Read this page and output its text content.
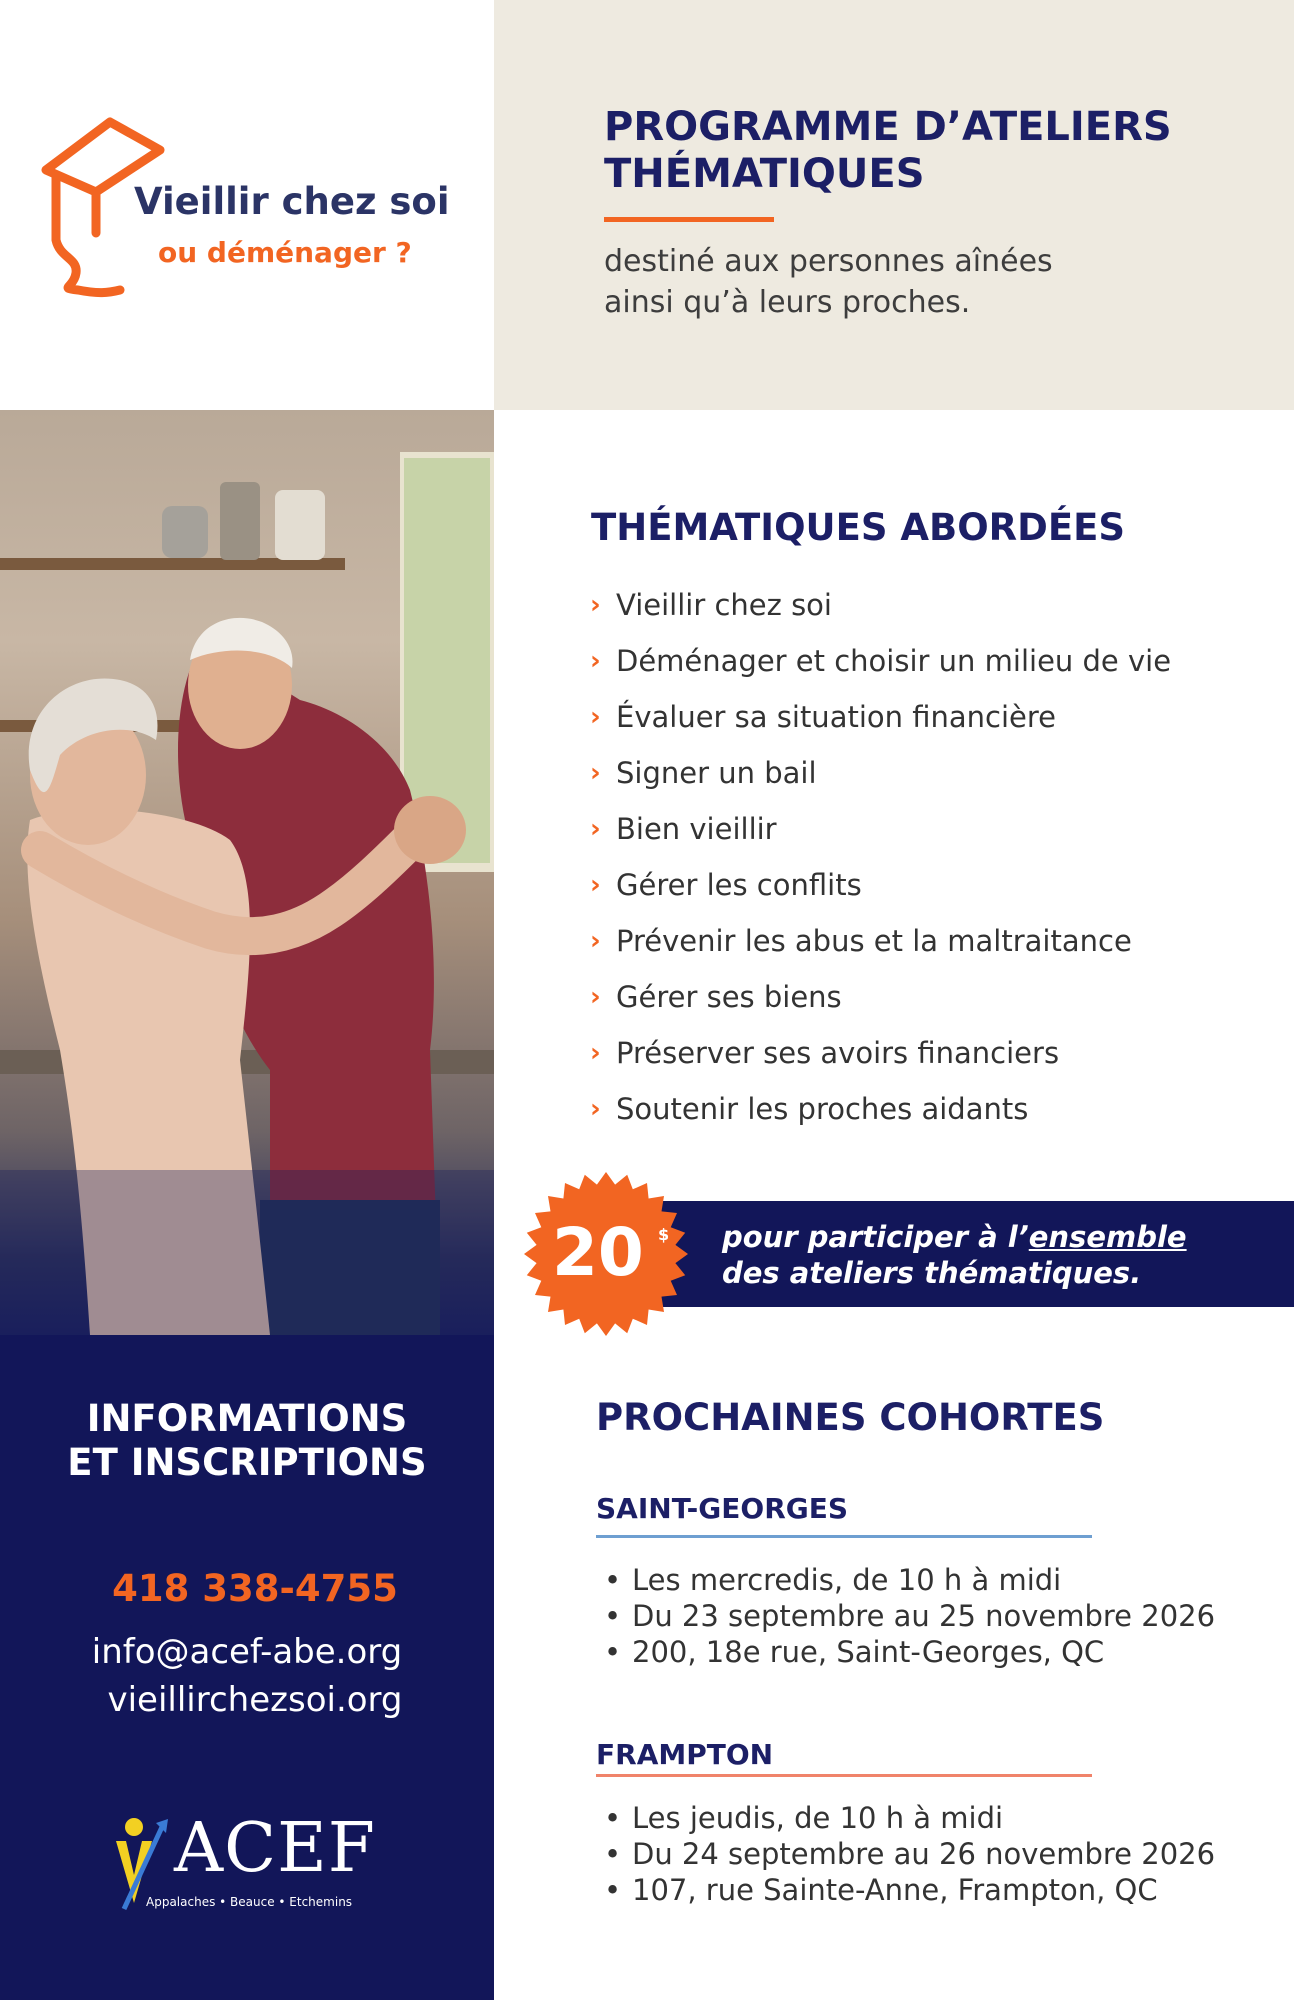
Vieillir chez soi
ou déménager ?
PROGRAMME D’ATELIERS
THÉMATIQUES
destiné aux personnes aînées
ainsi qu’à leurs proches.
THÉMATIQUES ABORDÉES
› Vieillir chez soi
› Déménager et choisir un milieu de vie
› Évaluer sa situation financière
› Signer un bail
› Bien vieillir
› Gérer les conflits
› Prévenir les abus et la maltraitance
› Gérer ses biens
› Préserver ses avoirs financiers
› Soutenir les proches aidants
pour participer à l’ensemble
des ateliers thématiques.
20 $
INFORMATIONS
ET INSCRIPTIONS
418 338-4755
info@acef-abe.org
vieillirchezsoi.org
ACEF
Appalaches • Beauce • Etchemins
PROCHAINES COHORTES
SAINT-GEORGES
• Les mercredis, de 10 h à midi
• Du 23 septembre au 25 novembre 2026
• 200, 18e rue, Saint-Georges, QC
FRAMPTON
• Les jeudis, de 10 h à midi
• Du 24 septembre au 26 novembre 2026
• 107, rue Sainte-Anne, Frampton, QC
